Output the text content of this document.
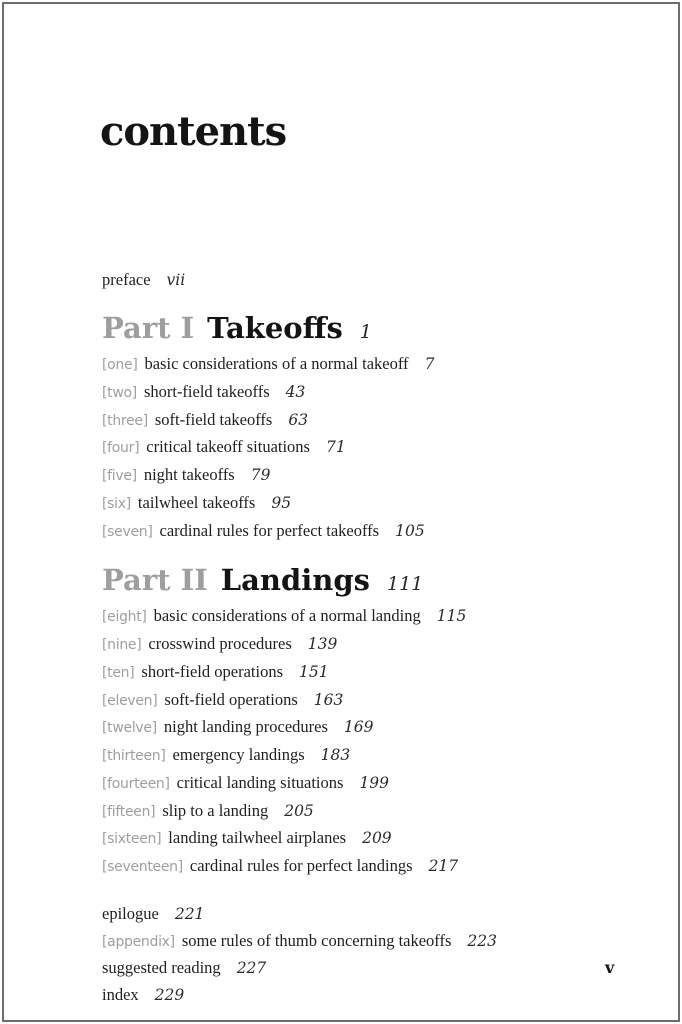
contents
preface vii
Part I Takeoffs 1
[one] basic considerations of a normal takeoff 7
[two] short-field takeoffs 43
[three] soft-field takeoffs 63
[four] critical takeoff situations 71
[five] night takeoffs 79
[six] tailwheel takeoffs 95
[seven] cardinal rules for perfect takeoffs 105
Part II Landings 111
[eight] basic considerations of a normal landing 115
[nine] crosswind procedures 139
[ten] short-field operations 151
[eleven] soft-field operations 163
[twelve] night landing procedures 169
[thirteen] emergency landings 183
[fourteen] critical landing situations 199
[fifteen] slip to a landing 205
[sixteen] landing tailwheel airplanes 209
[seventeen] cardinal rules for perfect landings 217
epilogue 221
[appendix] some rules of thumb concerning takeoffs 223
suggested reading 227
index 229
v
